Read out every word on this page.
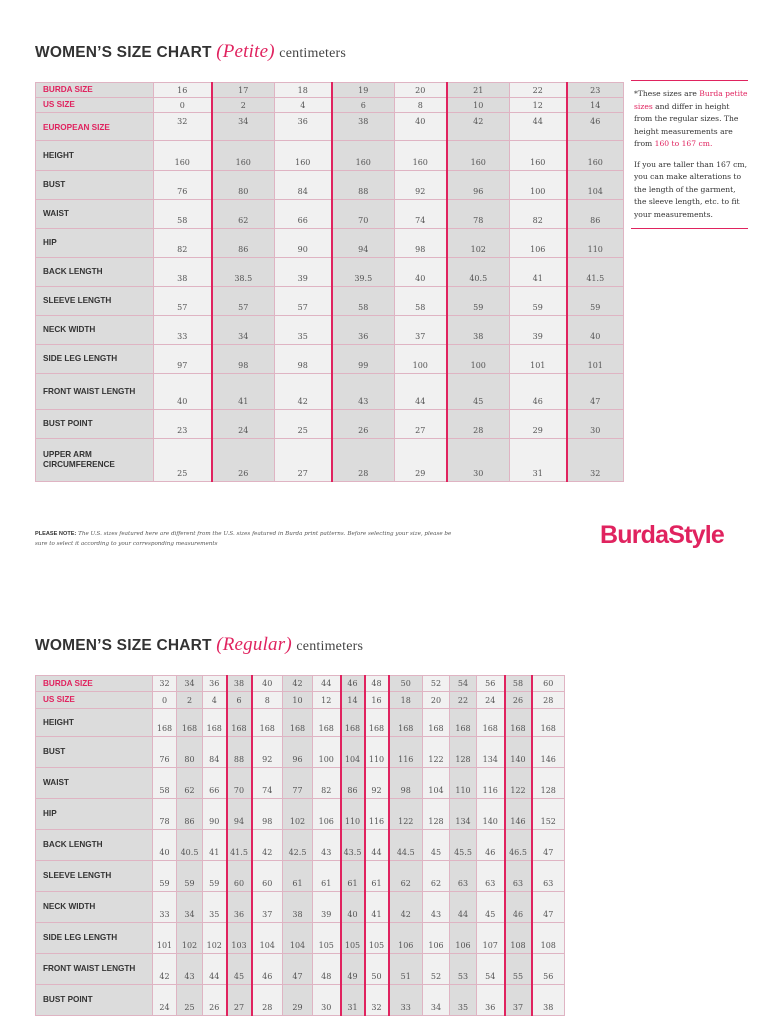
WOMEN’S SIZE CHART (Petite) centimeters
BURDA SIZE	16	17	18	19	20	21	22	23
US SIZE	0	2	4	6	8	10	12	14
EUROPEAN SIZE	32	34	36	38	40	42	44	46
HEIGHT	160	160	160	160	160	160	160	160
BUST	76	80	84	88	92	96	100	104
WAIST	58	62	66	70	74	78	82	86
HIP	82	86	90	94	98	102	106	110
BACK LENGTH	38	38.5	39	39.5	40	40.5	41	41.5
SLEEVE LENGTH	57	57	57	58	58	59	59	59
NECK WIDTH	33	34	35	36	37	38	39	40
SIDE LEG LENGTH	97	98	98	99	100	100	101	101
FRONT WAIST LENGTH	40	41	42	43	44	45	46	47
BUST POINT	23	24	25	26	27	28	29	30
UPPER ARM CIRCUMFERENCE	25	26	27	28	29	30	31	32

*These sizes are Burda petite sizes and differ in height from the regular sizes. The height measurements are from 160 to 167 cm.

If you are taller than 167 cm, you can make alterations to the length of the garment, the sleeve length, etc. to fit your measurements.

PLEASE NOTE: The U.S. sizes featured here are different from the U.S. sizes featured in Burda print patterns. Before selecting your size, please be sure to select it according to your corresponding measurements	BurdaStyle
WOMEN’S SIZE CHART (Regular) centimeters
BURDA SIZE	32	34	36	38	40	42	44	46	48	50	52	54	56	58	60
US SIZE	0	2	4	6	8	10	12	14	16	18	20	22	24	26	28
HEIGHT	168	168	168	168	168	168	168	168	168	168	168	168	168	168	168
BUST	76	80	84	88	92	96	100	104	110	116	122	128	134	140	146
WAIST	58	62	66	70	74	77	82	86	92	98	104	110	116	122	128
HIP	78	86	90	94	98	102	106	110	116	122	128	134	140	146	152
BACK LENGTH	40	40.5	41	41.5	42	42.5	43	43.5	44	44.5	45	45.5	46	46.5	47
SLEEVE LENGTH	59	59	59	60	60	61	61	61	61	62	62	63	63	63	63
NECK WIDTH	33	34	35	36	37	38	39	40	41	42	43	44	45	46	47
SIDE LEG LENGTH	101	102	102	103	104	104	105	105	105	106	106	106	107	108	108
FRONT WAIST LENGTH	42	43	44	45	46	47	48	49	50	51	52	53	54	55	56
BUST POINT	24	25	26	27	28	29	30	31	32	33	34	35	36	37	38
